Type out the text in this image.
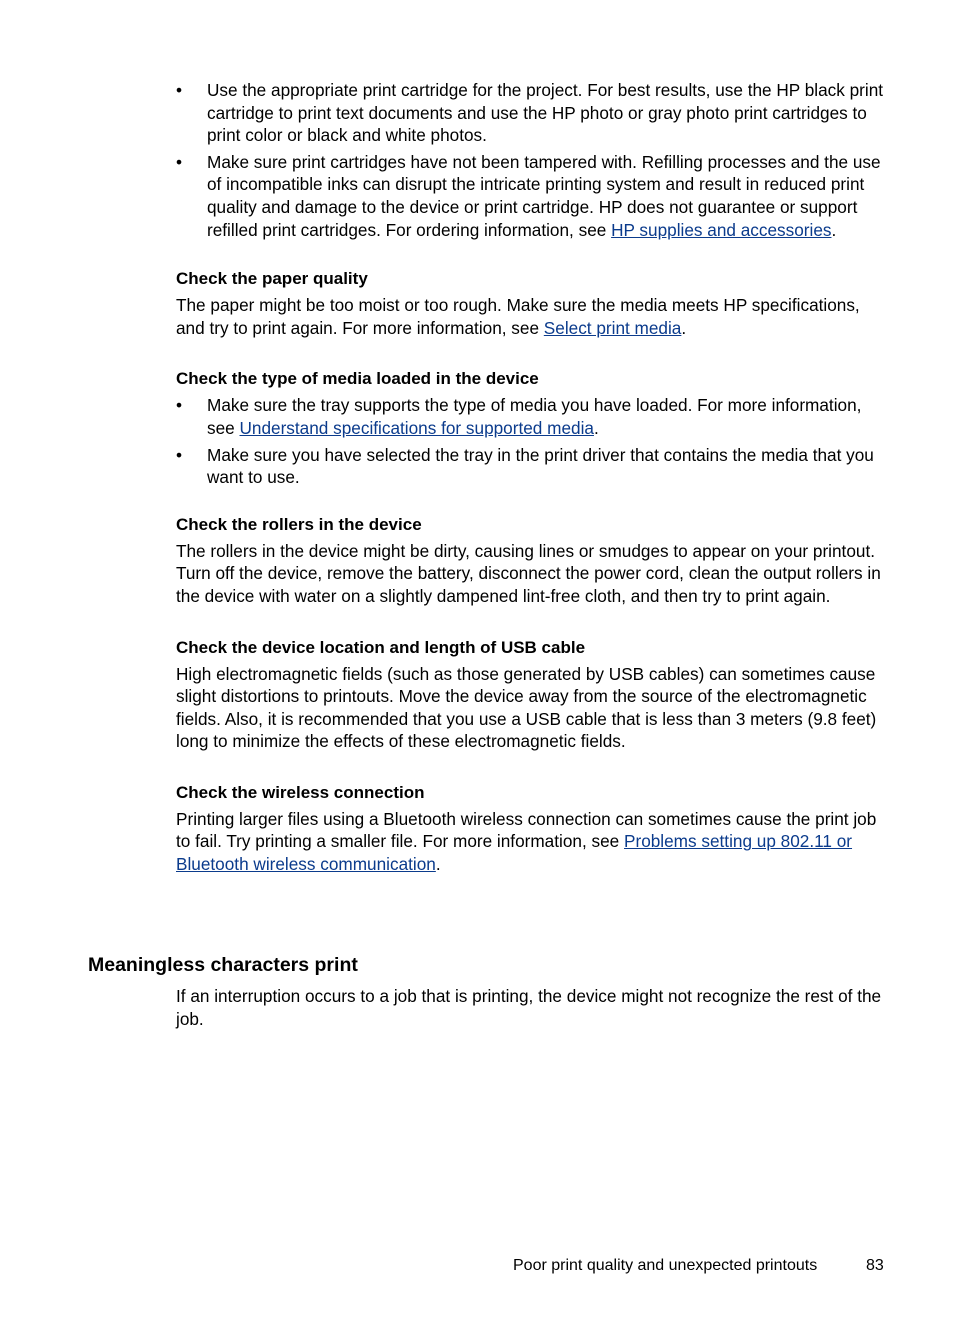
• Use the appropriate print cartridge for the project. For best results, use the HP black print cartridge to print text documents and use the HP photo or gray photo print cartridges to print color or black and white photos.
• Make sure print cartridges have not been tampered with. Refilling processes and the use of incompatible inks can disrupt the intricate printing system and result in reduced print quality and damage to the device or print cartridge. HP does not guarantee or support refilled print cartridges. For ordering information, see HP supplies and accessories.

Check the paper quality

The paper might be too moist or too rough. Make sure the media meets HP specifications, and try to print again. For more information, see Select print media.

Check the type of media loaded in the device

• Make sure the tray supports the type of media you have loaded. For more information, see Understand specifications for supported media.
• Make sure you have selected the tray in the print driver that contains the media that you want to use.

Check the rollers in the device

The rollers in the device might be dirty, causing lines or smudges to appear on your printout. Turn off the device, remove the battery, disconnect the power cord, clean the output rollers in the device with water on a slightly dampened lint-free cloth, and then try to print again.

Check the device location and length of USB cable

High electromagnetic fields (such as those generated by USB cables) can sometimes cause slight distortions to printouts. Move the device away from the source of the electromagnetic fields. Also, it is recommended that you use a USB cable that is less than 3 meters (9.8 feet) long to minimize the effects of these electromagnetic fields.

Check the wireless connection

Printing larger files using a Bluetooth wireless connection can sometimes cause the print job to fail. Try printing a smaller file. For more information, see Problems setting up 802.11 or Bluetooth wireless communication.

Meaningless characters print

If an interruption occurs to a job that is printing, the device might not recognize the rest of the job.

Poor print quality and unexpected printouts	83
